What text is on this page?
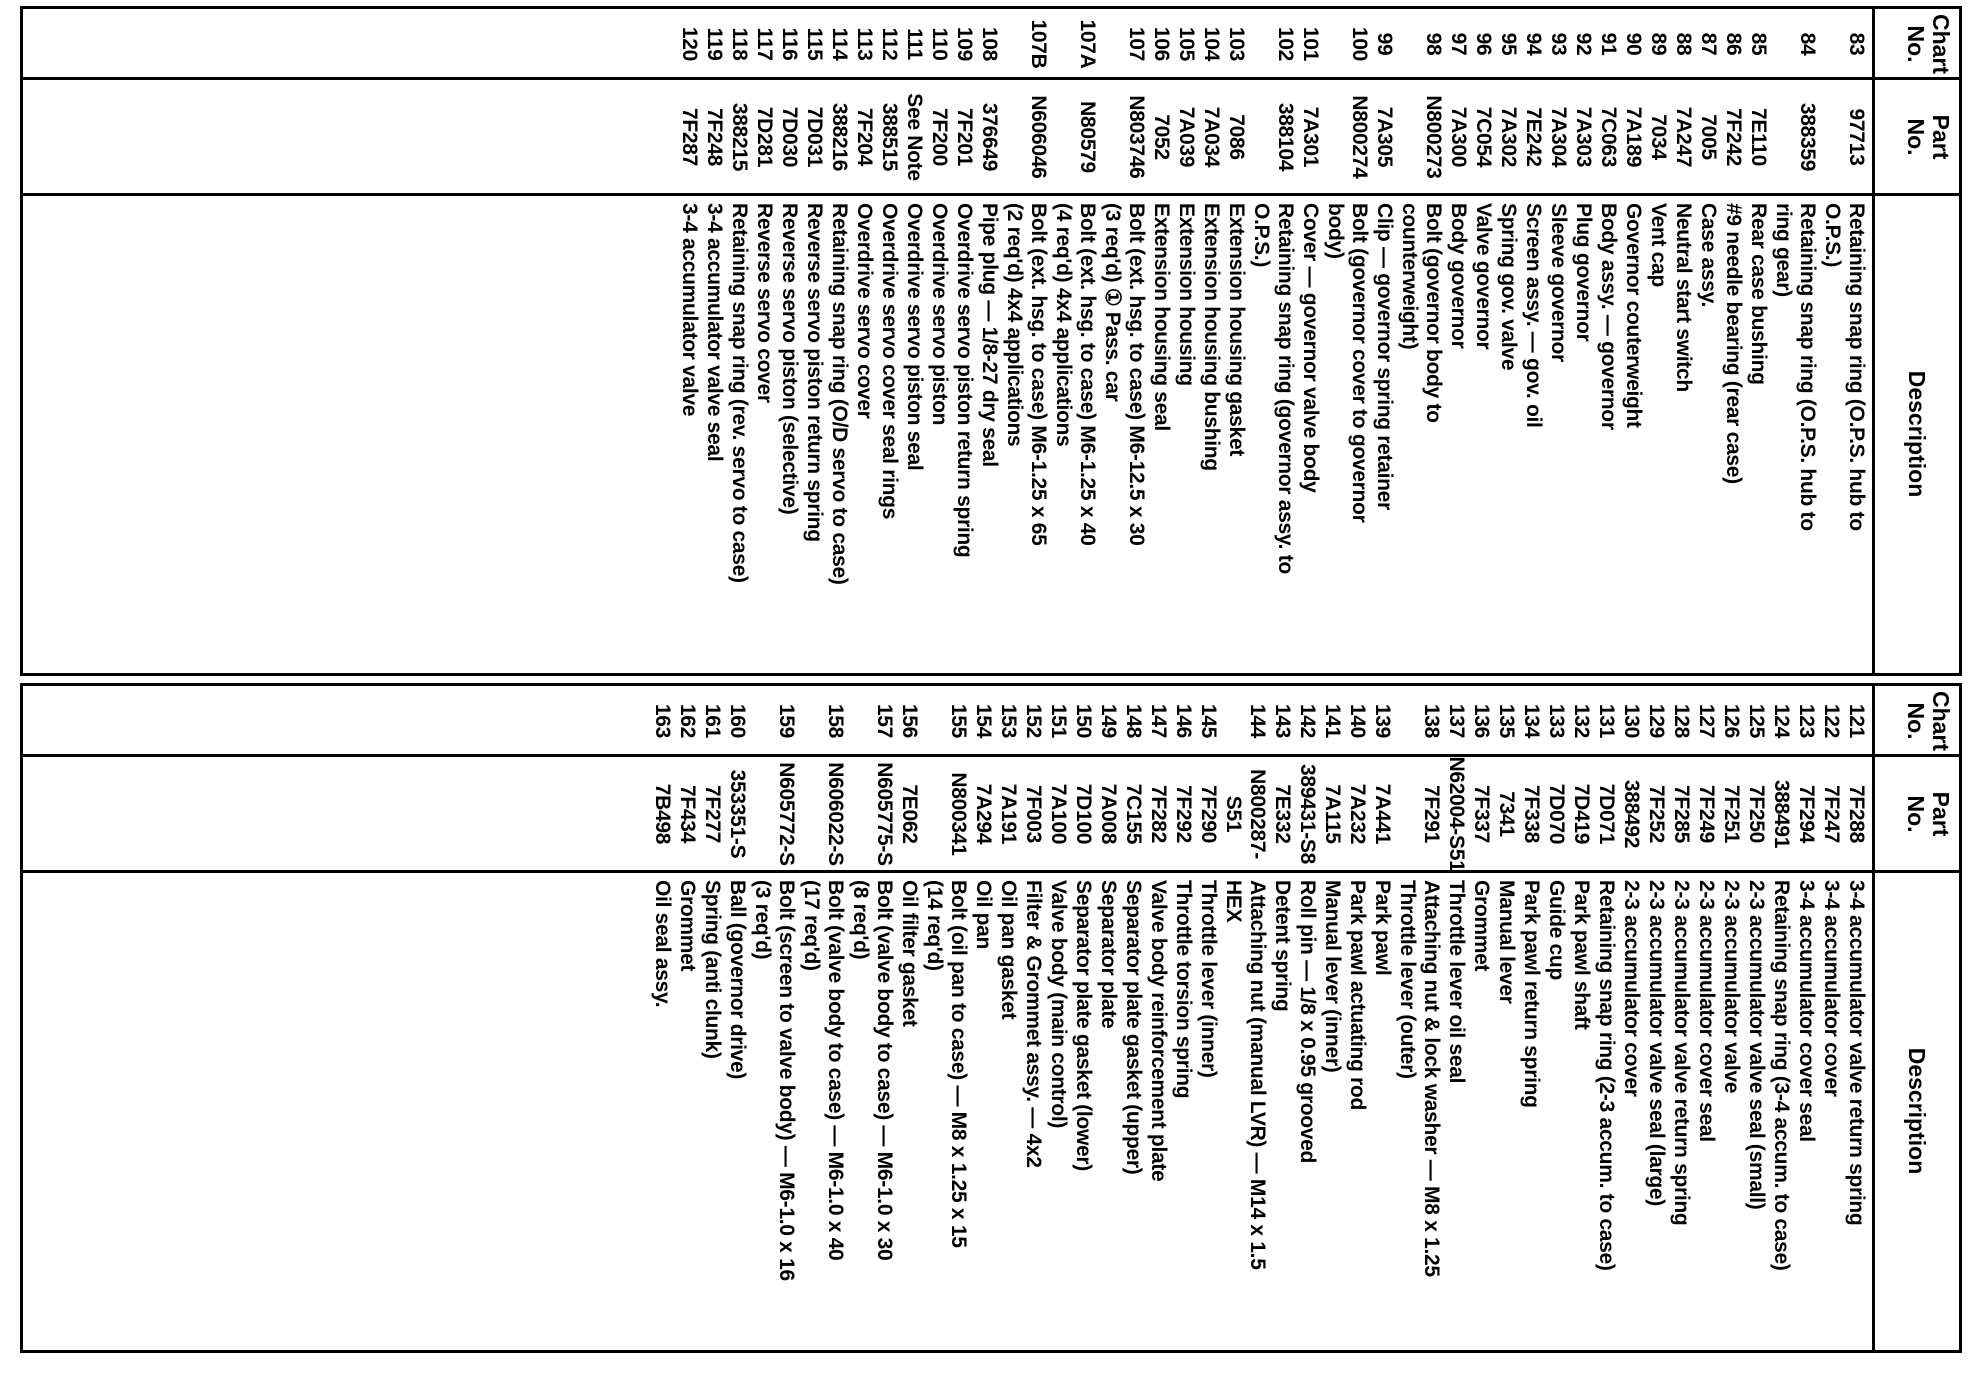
Chart
No.
Part
No.
Description
83
97713
Retaining snap ring (O.P.S. hub to
O.P.S.)
84
388359
Retaining snap ring (O.P.S. hub to
ring gear)
85
7E110
Rear case bushing
86
7F242
#9 needle bearing (rear case)
87
7005
Case assy.
88
7A247
Neutral start switch
89
7034
Vent cap
90
7A189
Governor couterweight
91
7C063
Body assy. — governor
92
7A303
Plug governor
93
7A304
Sleeve governor
94
7E242
Screen assy. — gov. oil
95
7A302
Spring gov. valve
96
7C054
Valve governor
97
7A300
Body governor
98
N800273
Bolt (governor body to
counterweight)
99
7A305
Clip — governor spring retainer
100
N800274
Bolt (governor cover to governor
body)
101
7A301
Cover — governor valve body
102
388104
Retaining snap ring (governor assy. to
O.P.S.)
103
7086
Extension housing gasket
104
7A034
Extension housing bushing
105
7A039
Extension housing
106
7052
Extension housing seal
107
N803746
Bolt (ext. hsg. to case) M6-12.5 x 30
(3 req'd) ① Pass. car
107A
N80579
Bolt (ext. hsg. to case) M6-1.25 x 40
(4 req'd) 4x4 applications
107B
N606046
Bolt (ext. hsg. to case) M6-1.25 x 65
(2 req'd) 4x4 applications
108
376649
Pipe plug — 1/8-27 dry seal
109
7F201
Overdrive servo piston return spring
110
7F200
Overdrive servo piston
111
See Note
Overdrive servo piston seal
112
388515
Overdrive servo cover seal rings
113
7F204
Overdrive servo cover
114
388216
Retaining snap ring (O/D servo to case)
115
7D031
Reverse servo piston return spring
116
7D030
Reverse servo piston (selective)
117
7D281
Reverse servo cover
118
388215
Retaining snap ring (rev. servo to case)
119
7F248
3-4 accumulator valve seal
120
7F287
3-4 accumulator valve
Chart
No.
Part
No.
Description
121
7F288
3-4 accumulator valve return spring
122
7F247
3-4 accumulator cover
123
7F294
3-4 accumulator cover seal
124
388491
Retaining snap ring (3-4 accum. to case)
125
7F250
2-3 accumulator valve seal (small)
126
7F251
2-3 accumulator valve
127
7F249
2-3 accumulator cover seal
128
7F285
2-3 accumulator valve return spring
129
7F252
2-3 accumulator valve seal (large)
130
388492
2-3 accumulator cover
131
7D071
Retaining snap ring (2-3 accum. to case)
132
7D419
Park pawl shaft
133
7D070
Guide cup
134
7F338
Park pawl return spring
135
7341
Manual lever
136
7F337
Grommet
137
N62004-S51
Throttle lever oil seal
138
7F291
Attaching nut & lock washer — M8 x 1.25
Throttle lever (outer)
139
7A441
Park pawl
140
7A232
Park pawl actuating rod
141
7A115
Manual lever (inner)
142
389431-S8
Roll pin — 1/8 x 0.95 grooved
143
7E332
Detent spring
144
N800287-S51
Attaching nut (manual LVR) — M14 x 1.5
HEX
145
7F290
Throttle lever (inner)
146
7F292
Throttle torsion spring
147
7F282
Valve body reinforcement plate
148
7C155
Separator plate gasket (upper)
149
7A008
Separator plate
150
7D100
Separator plate gasket (lower)
151
7A100
Valve body (main control)
152
7F003
Filter & Grommet assy. — 4x2
153
7A191
Oil pan gasket
154
7A294
Oil pan
155
N800341
Bolt (oil pan to case) — M8 x 1.25 x 15
(14 req'd)
156
7E062
Oil filter gasket
157
N605775-S
Bolt (valve body to case) — M6-1.0 x 30
(8 req'd)
158
N606022-S
Bolt (valve body to case) — M6-1.0 x 40
(17 req'd)
159
N605772-S
Bolt (screen to valve body) — M6-1.0 x 16
(3 req'd)
160
353351-S
Ball (governor drive)
161
7F277
Spring (anti clunk)
162
7F434
Grommet
163
7B498
Oil seal assy.
